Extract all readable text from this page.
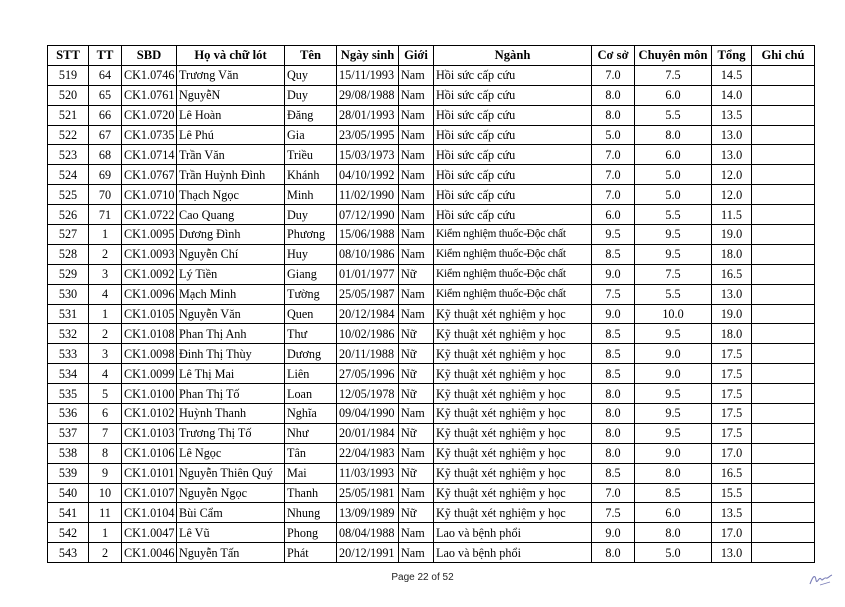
STT	TT	SBD	Họ và chữ lót	Tên	Ngày sinh	Giới	Ngành	Cơ sở	Chuyên môn	Tổng	Ghi chú
519	64	CK1.0746	Trương Văn	Quy	15/11/1993	Nam	Hồi sức cấp cứu	7.0	7.5	14.5	
520	65	CK1.0761	NguyễN	Duy	29/08/1988	Nam	Hồi sức cấp cứu	8.0	6.0	14.0	
521	66	CK1.0720	Lê Hoàn	Đăng	28/01/1993	Nam	Hồi sức cấp cứu	8.0	5.5	13.5	
522	67	CK1.0735	Lê Phú	Gia	23/05/1995	Nam	Hồi sức cấp cứu	5.0	8.0	13.0	
523	68	CK1.0714	Trần Văn	Triều	15/03/1973	Nam	Hồi sức cấp cứu	7.0	6.0	13.0	
524	69	CK1.0767	Trần Huỳnh Đình	Khánh	04/10/1992	Nam	Hồi sức cấp cứu	7.0	5.0	12.0	
525	70	CK1.0710	Thạch Ngọc	Minh	11/02/1990	Nam	Hồi sức cấp cứu	7.0	5.0	12.0	
526	71	CK1.0722	Cao Quang	Duy	07/12/1990	Nam	Hồi sức cấp cứu	6.0	5.5	11.5	
527	1	CK1.0095	Dương Đình	Phương	15/06/1988	Nam	Kiểm nghiệm thuốc-Độc chất	9.5	9.5	19.0	
528	2	CK1.0093	Nguyễn Chí	Huy	08/10/1986	Nam	Kiểm nghiệm thuốc-Độc chất	8.5	9.5	18.0	
529	3	CK1.0092	Lý Tiền	Giang	01/01/1977	Nữ	Kiểm nghiệm thuốc-Độc chất	9.0	7.5	16.5	
530	4	CK1.0096	Mạch Minh	Tường	25/05/1987	Nam	Kiểm nghiệm thuốc-Độc chất	7.5	5.5	13.0	
531	1	CK1.0105	Nguyễn Văn	Quen	20/12/1984	Nam	Kỹ thuật xét nghiệm y học	9.0	10.0	19.0	
532	2	CK1.0108	Phan Thị Anh	Thư	10/02/1986	Nữ	Kỹ thuật xét nghiệm y học	8.5	9.5	18.0	
533	3	CK1.0098	Đinh Thị Thùy	Dương	20/11/1988	Nữ	Kỹ thuật xét nghiệm y học	8.5	9.0	17.5	
534	4	CK1.0099	Lê Thị Mai	Liên	27/05/1996	Nữ	Kỹ thuật xét nghiệm y học	8.5	9.0	17.5	
535	5	CK1.0100	Phan Thị Tố	Loan	12/05/1978	Nữ	Kỹ thuật xét nghiệm y học	8.0	9.5	17.5	
536	6	CK1.0102	Huỳnh Thanh	Nghĩa	09/04/1990	Nam	Kỹ thuật xét nghiệm y học	8.0	9.5	17.5	
537	7	CK1.0103	Trương Thị Tố	Như	20/01/1984	Nữ	Kỹ thuật xét nghiệm y học	8.0	9.5	17.5	
538	8	CK1.0106	Lê Ngọc	Tân	22/04/1983	Nam	Kỹ thuật xét nghiệm y học	8.0	9.0	17.0	
539	9	CK1.0101	Nguyễn Thiên Quý	Mai	11/03/1993	Nữ	Kỹ thuật xét nghiệm y học	8.5	8.0	16.5	
540	10	CK1.0107	Nguyễn Ngọc	Thanh	25/05/1981	Nam	Kỹ thuật xét nghiệm y học	7.0	8.5	15.5	
541	11	CK1.0104	Bùi Cẩm	Nhung	13/09/1989	Nữ	Kỹ thuật xét nghiệm y học	7.5	6.0	13.5	
542	1	CK1.0047	Lê Vũ	Phong	08/04/1988	Nam	Lao và bệnh phổi	9.0	8.0	17.0	
543	2	CK1.0046	Nguyễn Tấn	Phát	20/12/1991	Nam	Lao và bệnh phổi	8.0	5.0	13.0	
Page 22 of 52
